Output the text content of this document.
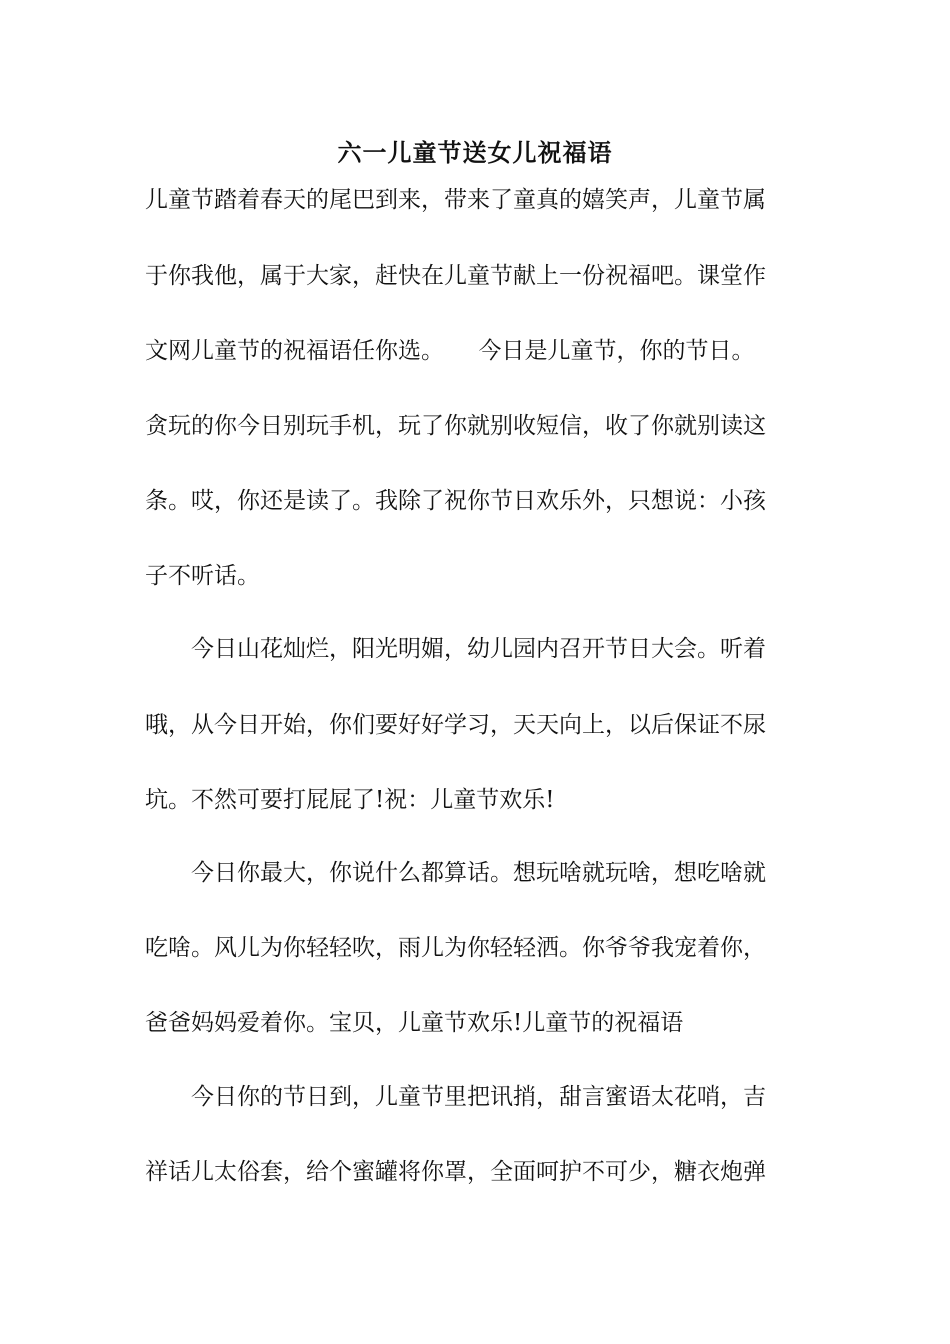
六一儿童节送女儿祝福语

儿童节踏着春天的尾巴到来，带来了童真的嬉笑声，儿童节属

于你我他，属于大家，赶快在儿童节献上一份祝福吧。课堂作

文网儿童节的祝福语任你选。　　今日是儿童节，你的节日。

贪玩的你今日别玩手机，玩了你就别收短信，收了你就别读这

条。哎，你还是读了。我除了祝你节日欢乐外，只想说：小孩

子不听话。

　　今日山花灿烂，阳光明媚，幼儿园内召开节日大会。听着

哦，从今日开始，你们要好好学习，天天向上，以后保证不尿

坑。不然可要打屁屁了!祝：儿童节欢乐!

　　今日你最大，你说什么都算话。想玩啥就玩啥，想吃啥就

吃啥。风儿为你轻轻吹，雨儿为你轻轻洒。你爷爷我宠着你，

爸爸妈妈爱着你。宝贝，儿童节欢乐!儿童节的祝福语

　　今日你的节日到，儿童节里把讯捎，甜言蜜语太花哨，吉

祥话儿太俗套，给个蜜罐将你罩，全面呵护不可少，糖衣炮弹
